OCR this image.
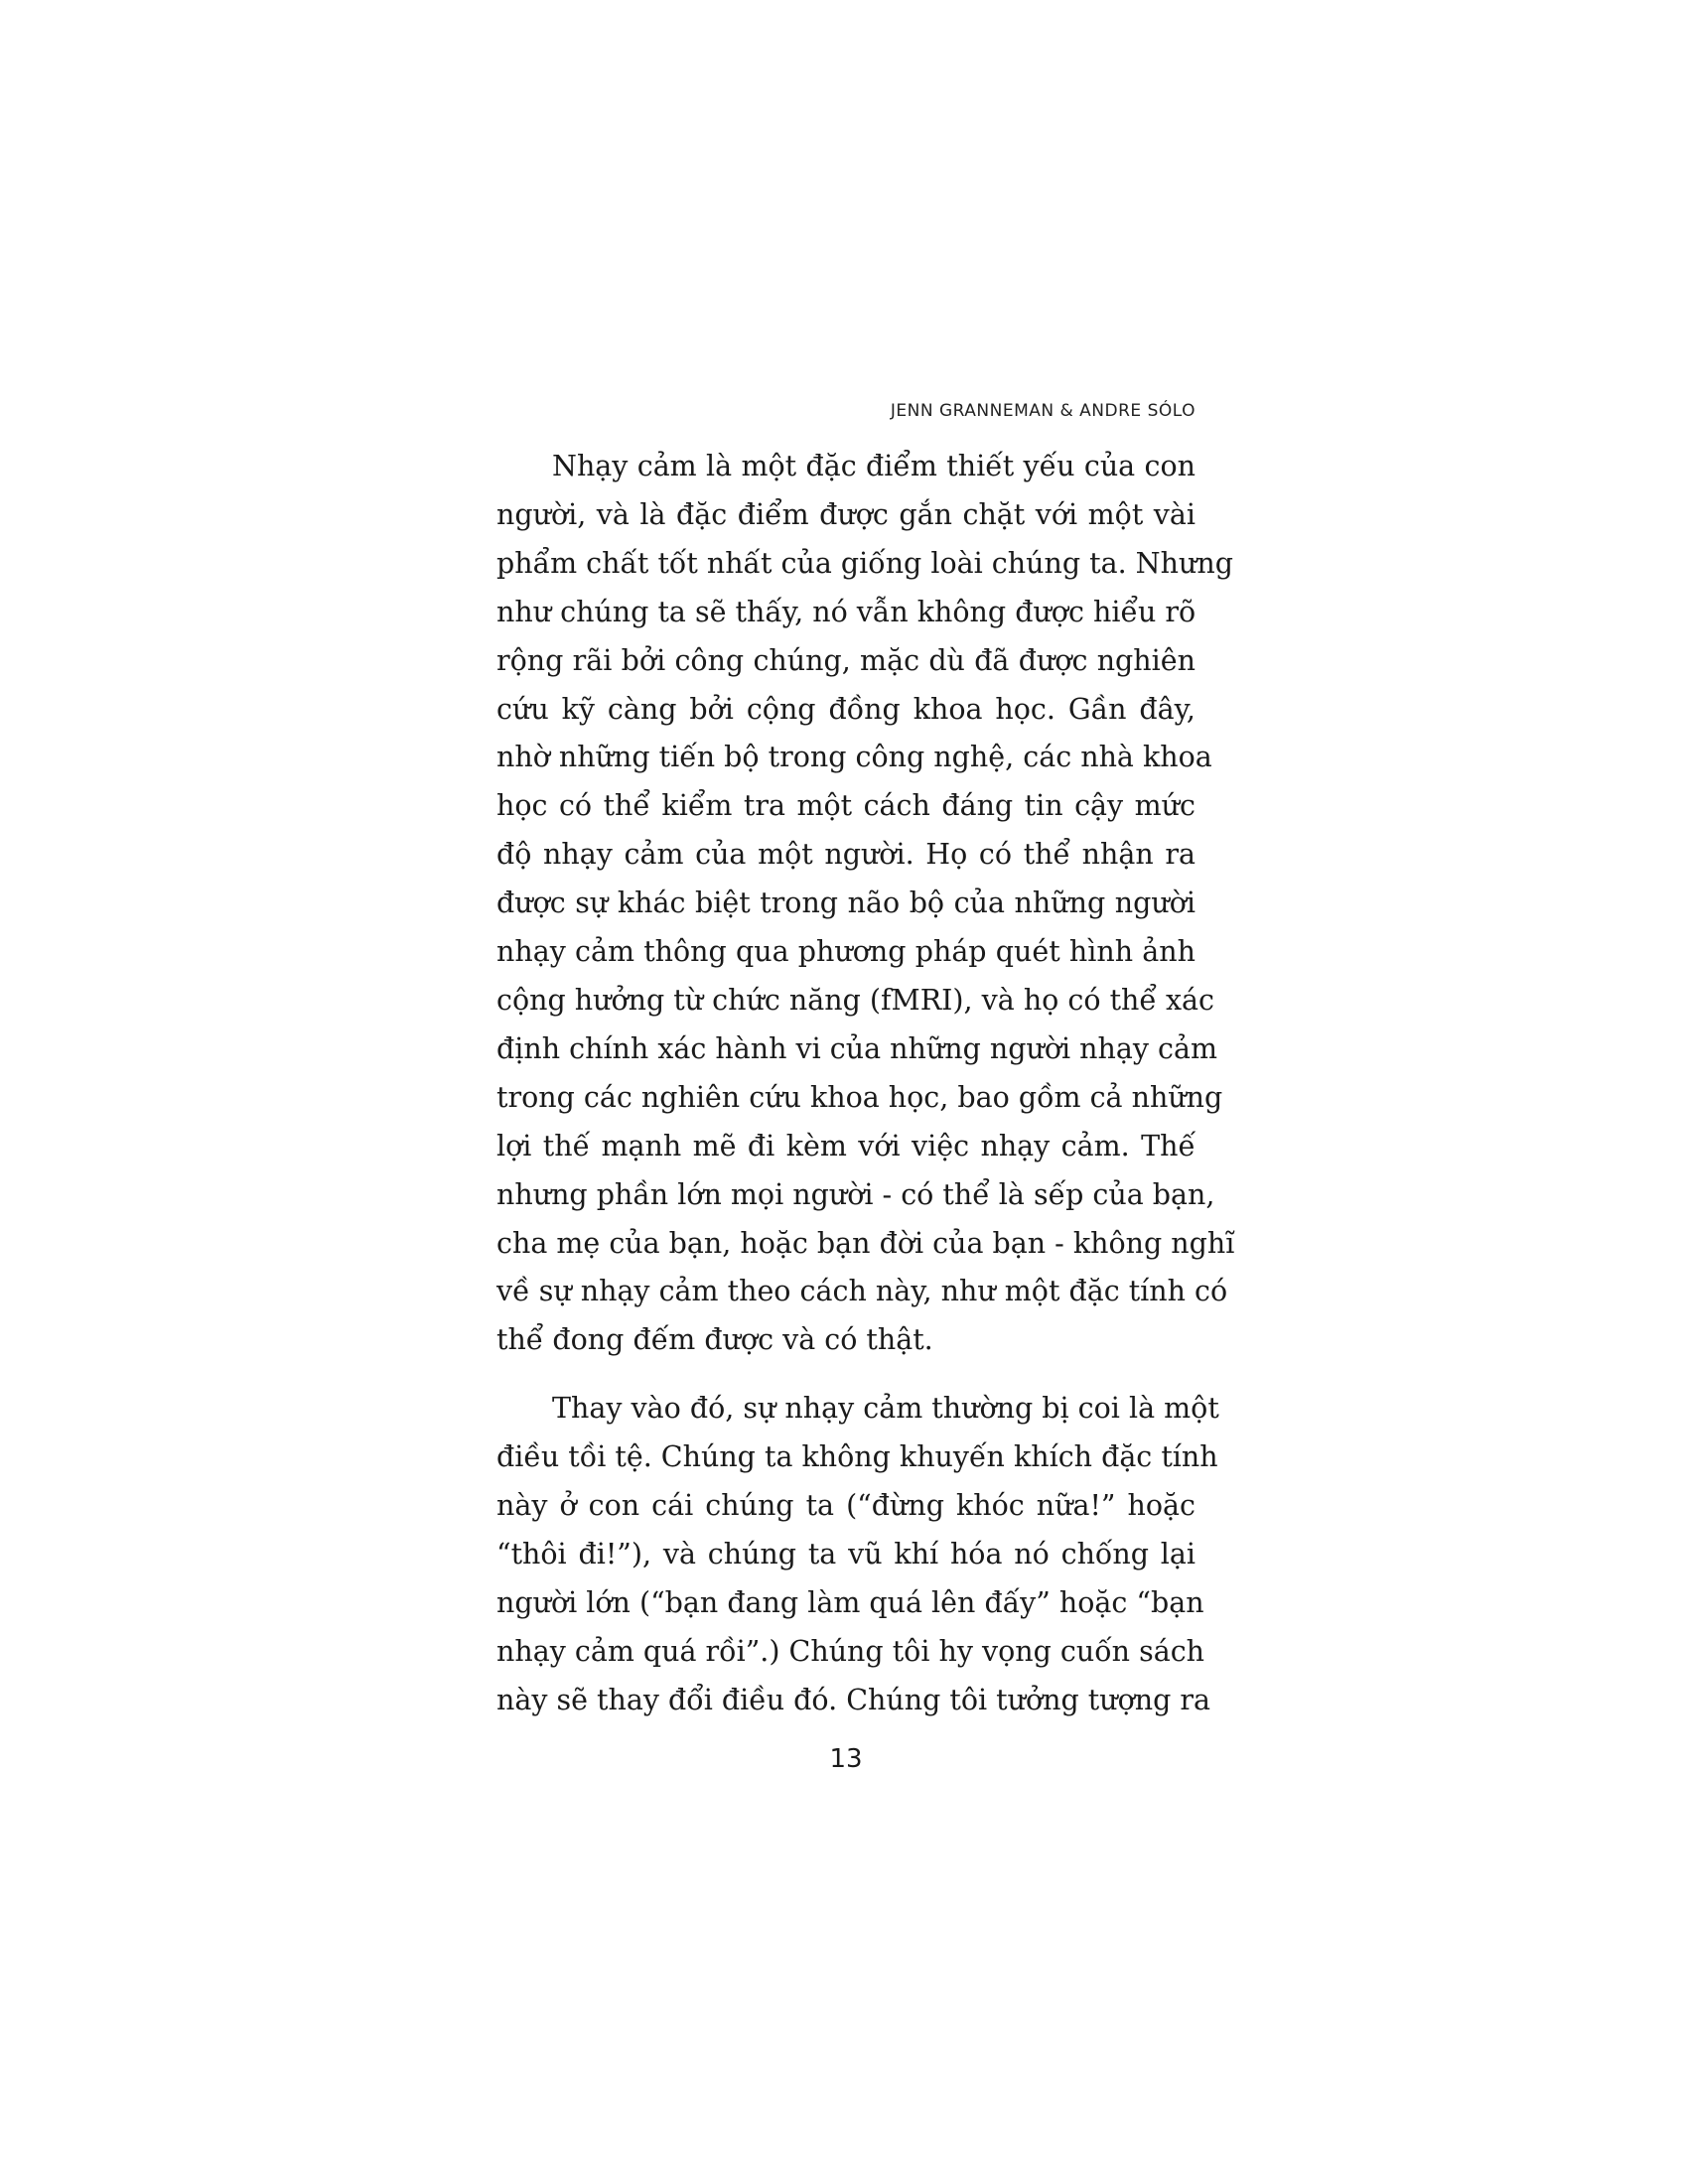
JENN GRANNEMAN & ANDRE SÓLO

Nhạy cảm là một đặc điểm thiết yếu của con
người, và là đặc điểm được gắn chặt với một vài
phẩm chất tốt nhất của giống loài chúng ta. Nhưng
như chúng ta sẽ thấy, nó vẫn không được hiểu rõ
rộng rãi bởi công chúng, mặc dù đã được nghiên
cứu kỹ càng bởi cộng đồng khoa học. Gần đây,
nhờ những tiến bộ trong công nghệ, các nhà khoa
học có thể kiểm tra một cách đáng tin cậy mức
độ nhạy cảm của một người. Họ có thể nhận ra
được sự khác biệt trong não bộ của những người
nhạy cảm thông qua phương pháp quét hình ảnh
cộng hưởng từ chức năng (fMRI), và họ có thể xác
định chính xác hành vi của những người nhạy cảm
trong các nghiên cứu khoa học, bao gồm cả những
lợi thế mạnh mẽ đi kèm với việc nhạy cảm. Thế
nhưng phần lớn mọi người - có thể là sếp của bạn,
cha mẹ của bạn, hoặc bạn đời của bạn - không nghĩ
về sự nhạy cảm theo cách này, như một đặc tính có
thể đong đếm được và có thật.

Thay vào đó, sự nhạy cảm thường bị coi là một
điều tồi tệ. Chúng ta không khuyến khích đặc tính
này ở con cái chúng ta (“đừng khóc nữa!” hoặc
“thôi đi!”), và chúng ta vũ khí hóa nó chống lại
người lớn (“bạn đang làm quá lên đấy” hoặc “bạn
nhạy cảm quá rồi”.) Chúng tôi hy vọng cuốn sách
này sẽ thay đổi điều đó. Chúng tôi tưởng tượng ra

13
